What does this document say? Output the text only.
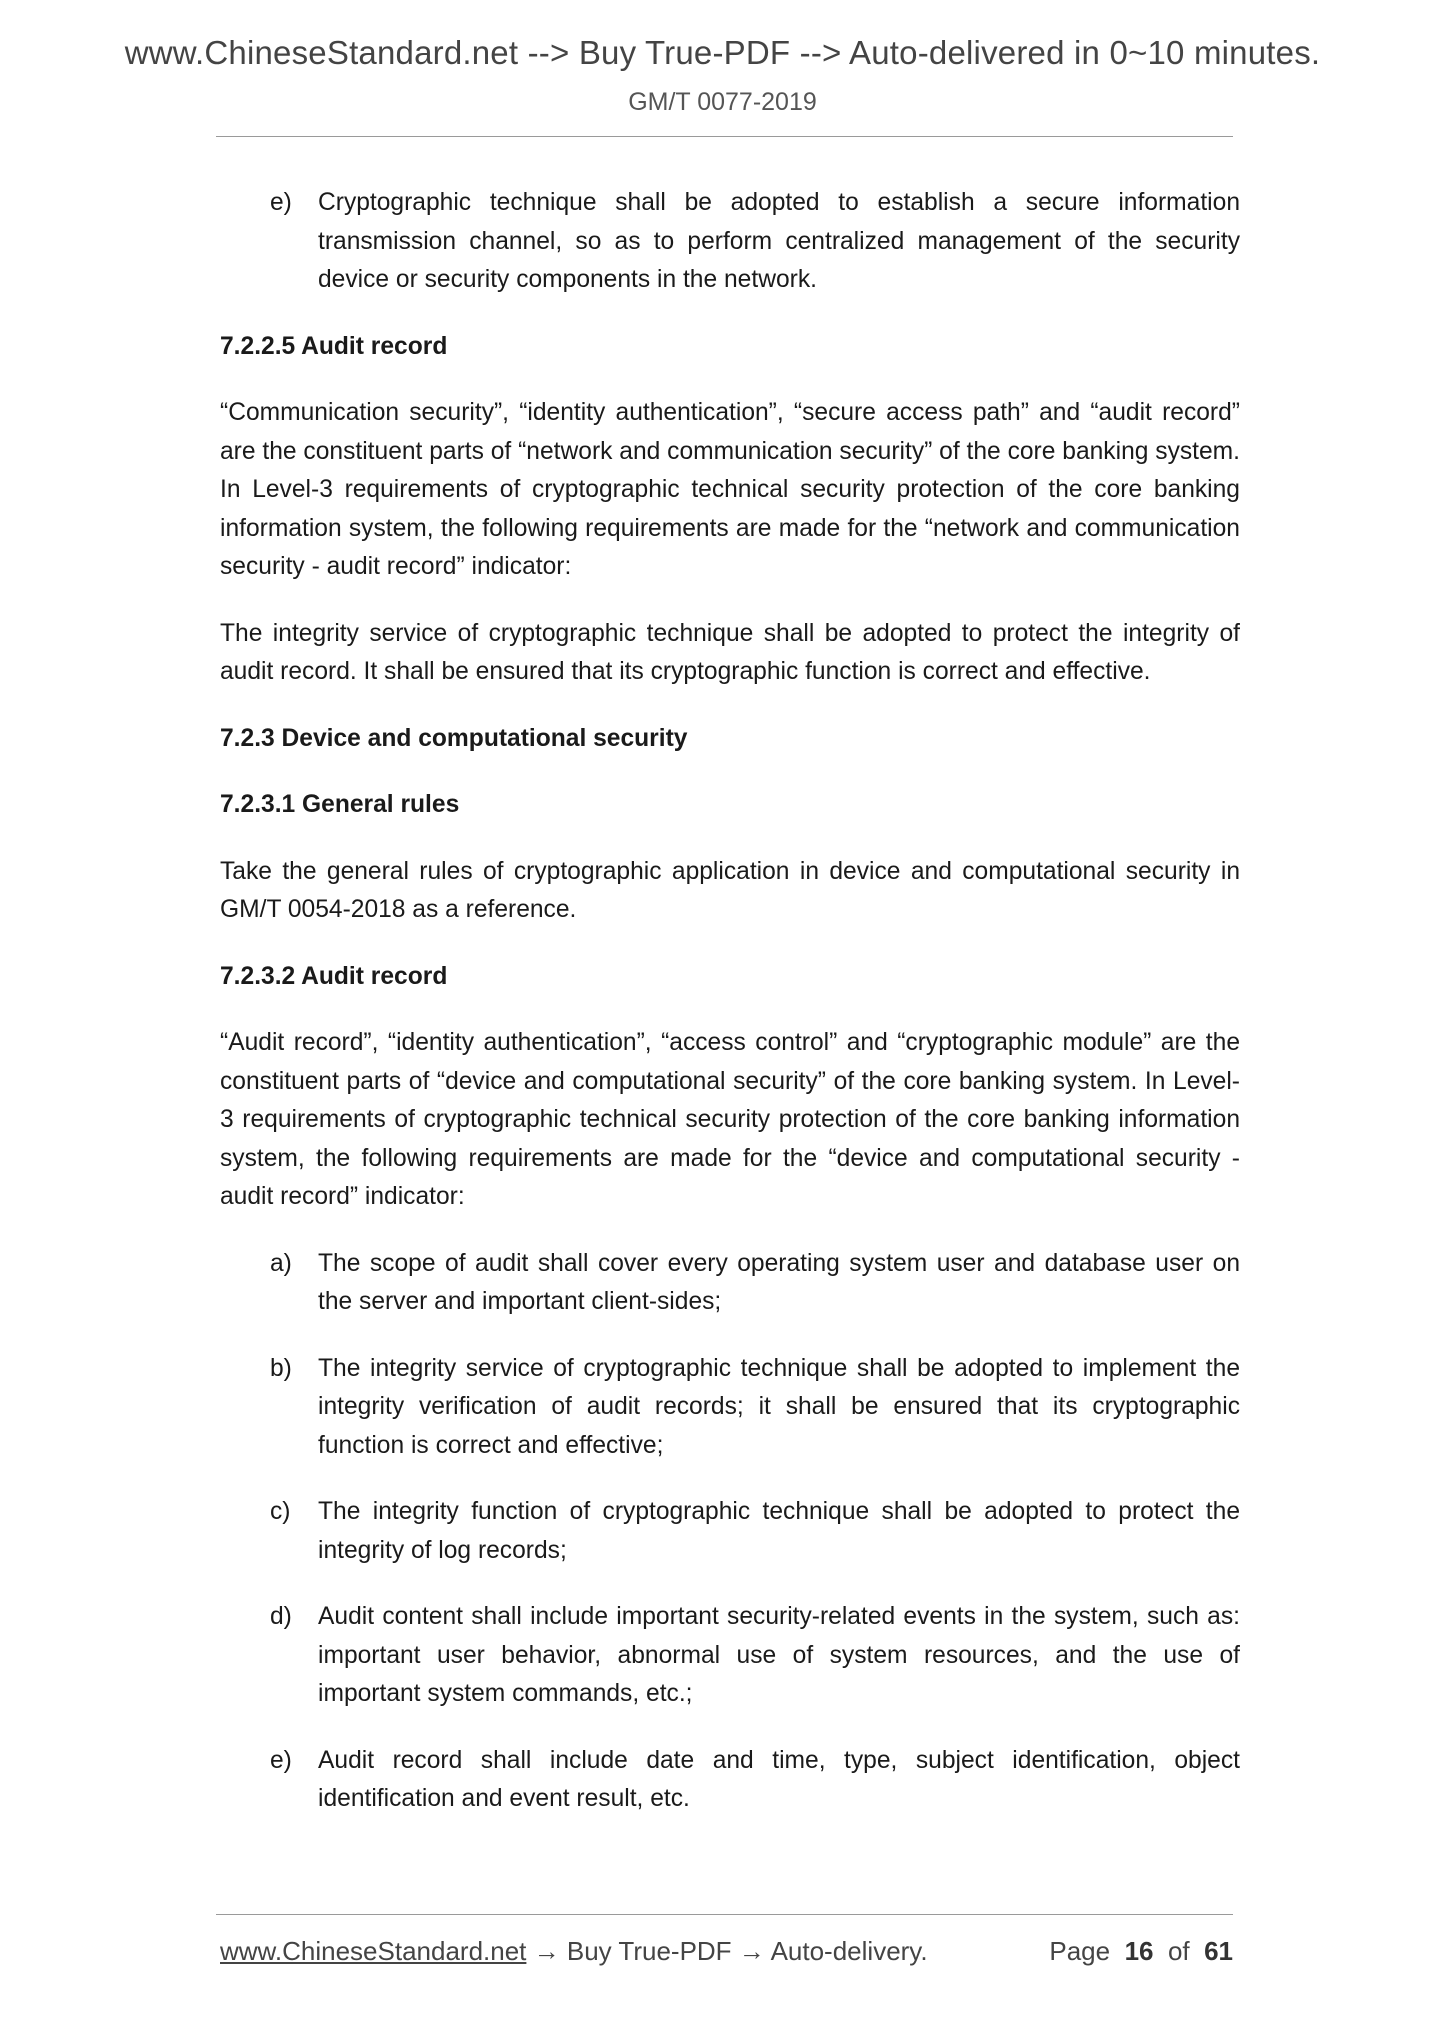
www.ChineseStandard.net --> Buy True-PDF --> Auto-delivered in 0~10 minutes.
GM/T 0077-2019
e)	Cryptographic technique shall be adopted to establish a secure information transmission channel, so as to perform centralized management of the security device or security components in the network.
7.2.2.5 Audit record
“Communication security”, “identity authentication”, “secure access path” and “audit record” are the constituent parts of “network and communication security” of the core banking system. In Level-3 requirements of cryptographic technical security protection of the core banking information system, the following requirements are made for the “network and communication security - audit record” indicator:
The integrity service of cryptographic technique shall be adopted to protect the integrity of audit record. It shall be ensured that its cryptographic function is correct and effective.
7.2.3 Device and computational security
7.2.3.1 General rules
Take the general rules of cryptographic application in device and computational security in GM/T 0054-2018 as a reference.
7.2.3.2 Audit record
“Audit record”, “identity authentication”, “access control” and “cryptographic module” are the constituent parts of “device and computational security” of the core banking system. In Level-3 requirements of cryptographic technical security protection of the core banking information system, the following requirements are made for the “device and computational security - audit record” indicator:
a)	The scope of audit shall cover every operating system user and database user on the server and important client-sides;
b)	The integrity service of cryptographic technique shall be adopted to implement the integrity verification of audit records; it shall be ensured that its cryptographic function is correct and effective;
c)	The integrity function of cryptographic technique shall be adopted to protect the integrity of log records;
d)	Audit content shall include important security-related events in the system, such as: important user behavior, abnormal use of system resources, and the use of important system commands, etc.;
e)	Audit record shall include date and time, type, subject identification, object identification and event result, etc.
www.ChineseStandard.net → Buy True-PDF → Auto-delivery.	Page 16 of 61
